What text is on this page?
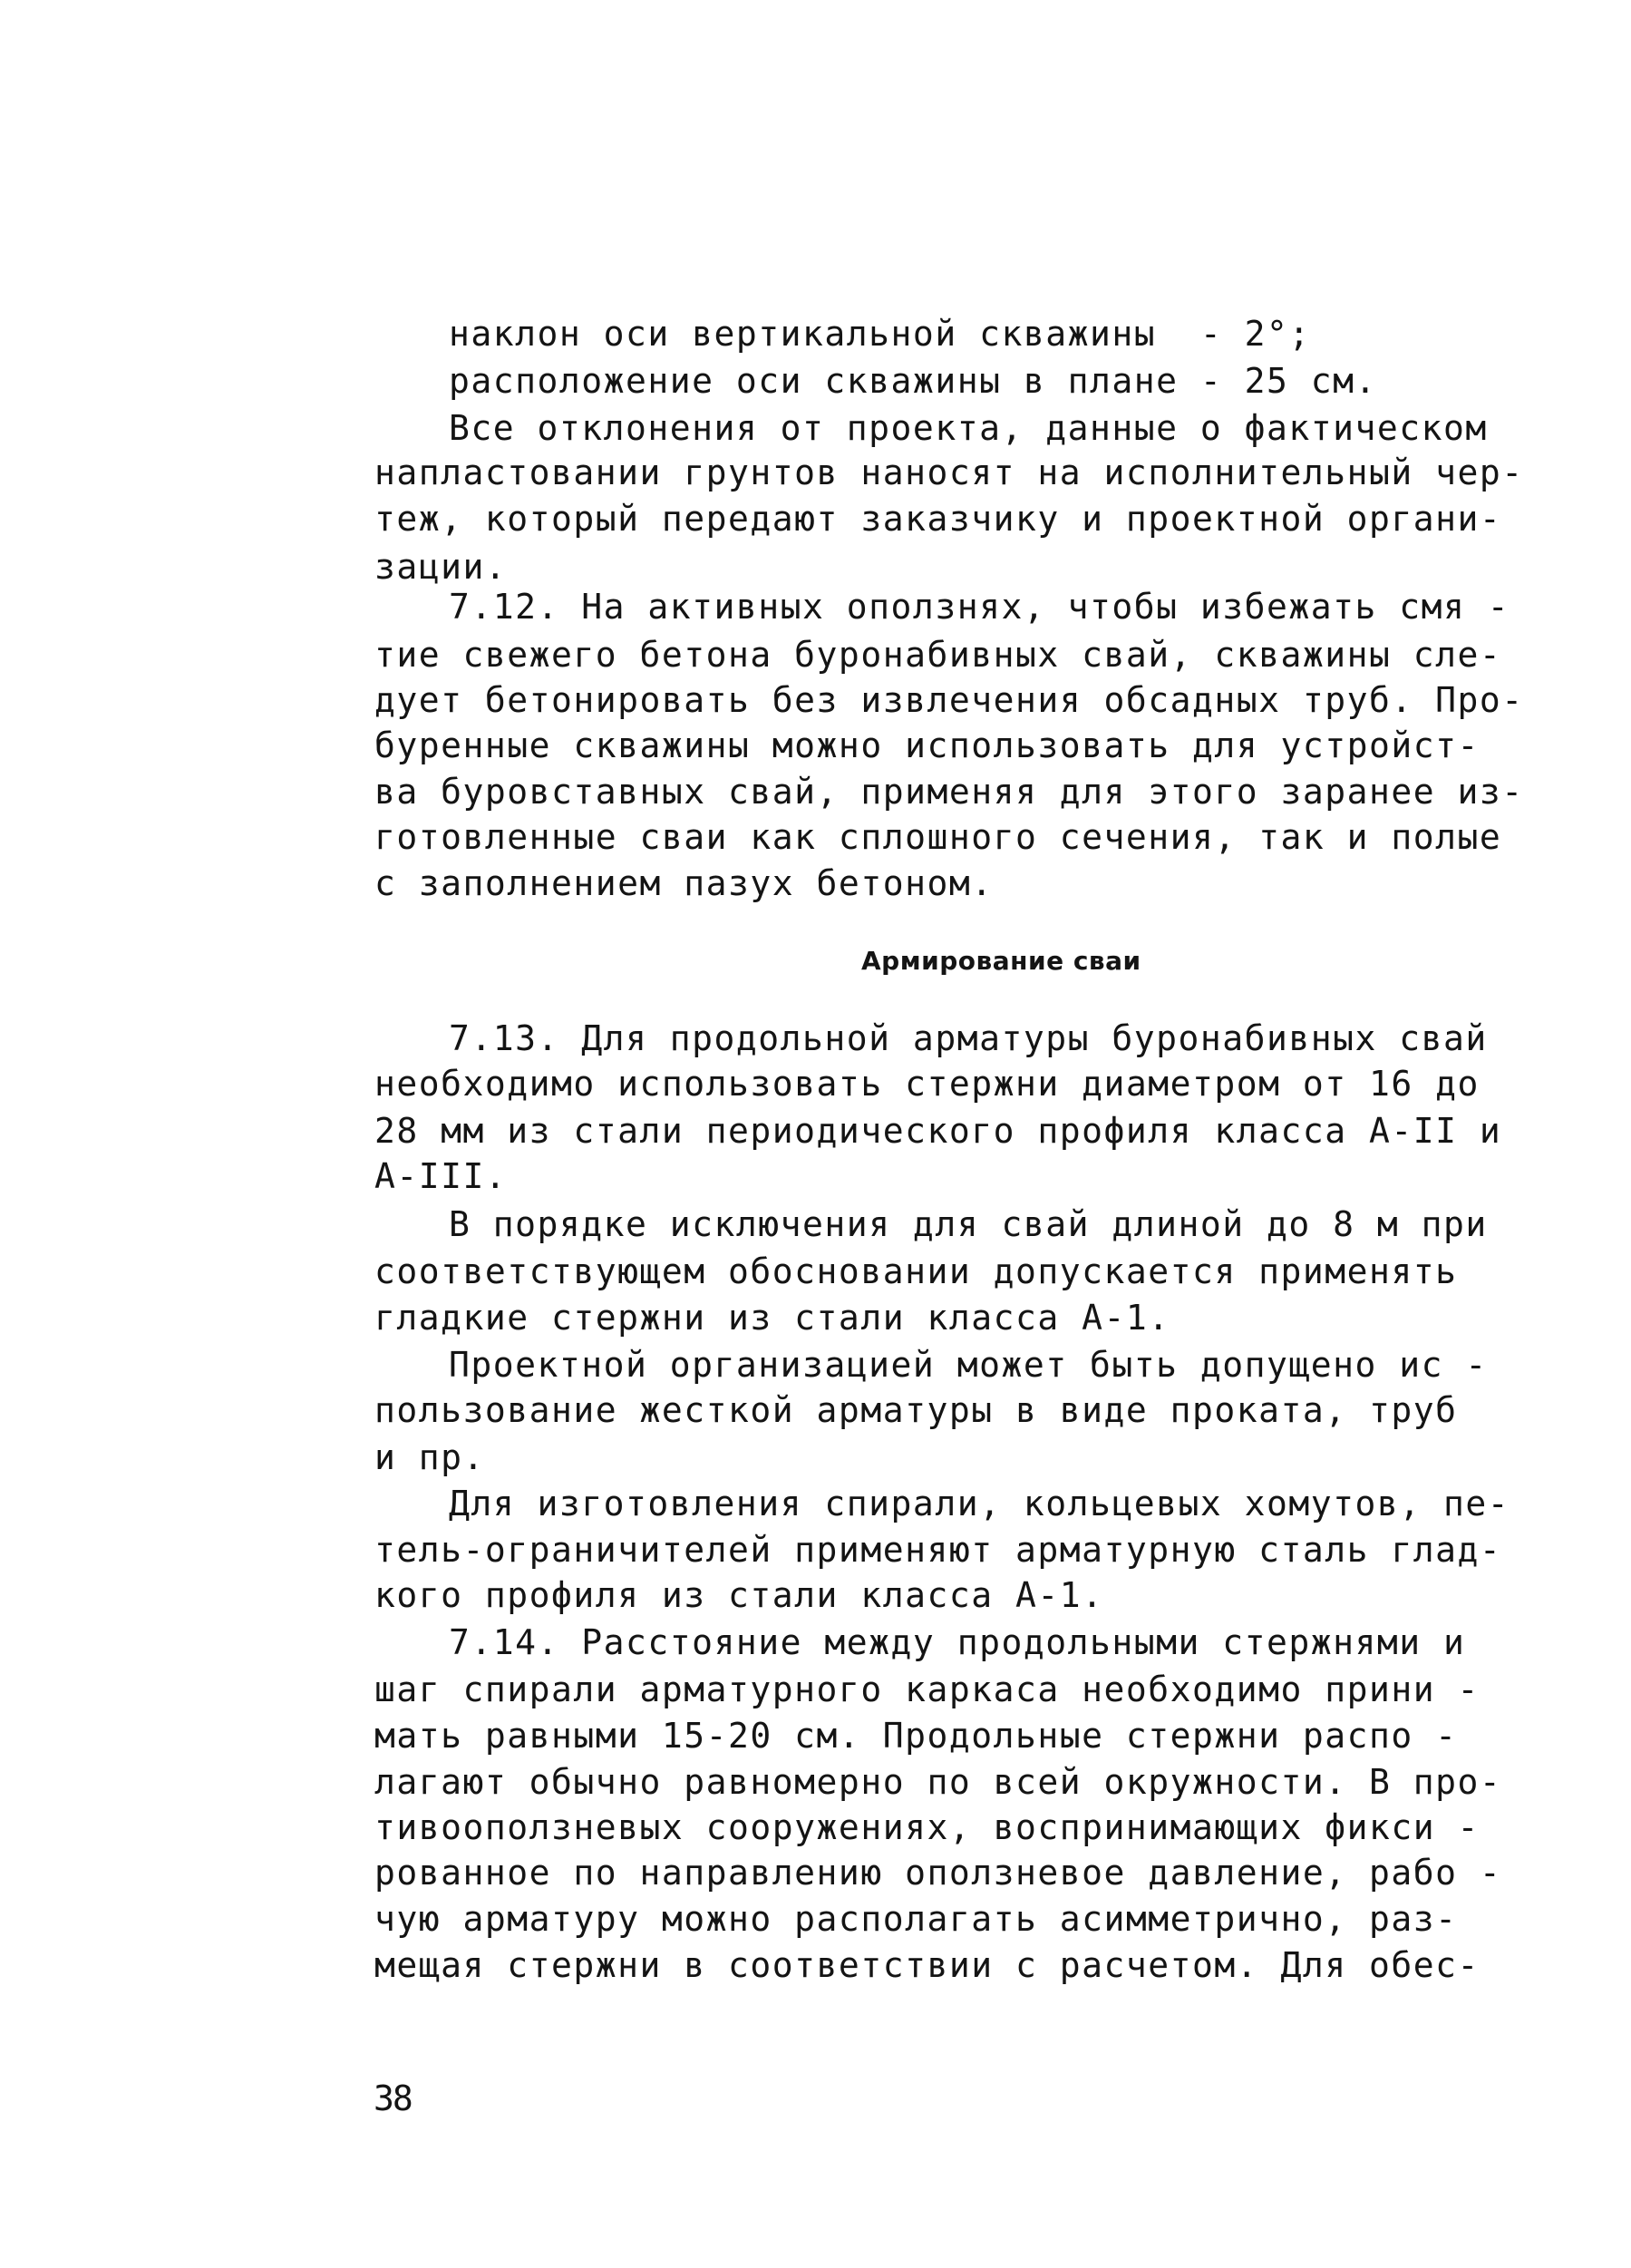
наклон оси вертикальной скважины  - 2°;
расположение оси скважины в плане - 25 см.
Все отклонения от проекта, данные о фактическом
напластовании грунтов наносят на исполнительный чер-
теж, который передают заказчику и проектной органи-
зации.
7.12. На активных оползнях, чтобы избежать смя -
тие свежего бетона буронабивных свай, скважины сле-
дует бетонировать без извлечения обсадных труб. Про-
буренные скважины можно использовать для устройст-
ва буровставных свай, применяя для этого заранее из-
готовленные сваи как сплошного сечения, так и полые
с заполнением пазух бетоном.
Армирование сваи
7.13. Для продольной арматуры буронабивных свай
необходимо использовать стержни диаметром от 16 до
28 мм из стали периодического профиля класса А-II и
А-III.
В порядке исключения для свай длиной до 8 м при
соответствующем обосновании допускается применять
гладкие стержни из стали класса А-1.
Проектной организацией может быть допущено ис -
пользование жесткой арматуры в виде проката, труб
и пр.
Для изготовления спирали, кольцевых хомутов, пе-
тель-ограничителей применяют арматурную сталь глад-
кого профиля из стали класса А-1.
7.14. Расстояние между продольными стержнями и
шаг спирали арматурного каркаса необходимо прини -
мать равными 15-20 см. Продольные стержни распо -
лагают обычно равномерно по всей окружности. В про-
тивооползневых сооружениях, воспринимающих фикси -
рованное по направлению оползневое давление, рабо -
чую арматуру можно располагать асимметрично, раз-
мещая стержни в соответствии с расчетом. Для обес-
38
